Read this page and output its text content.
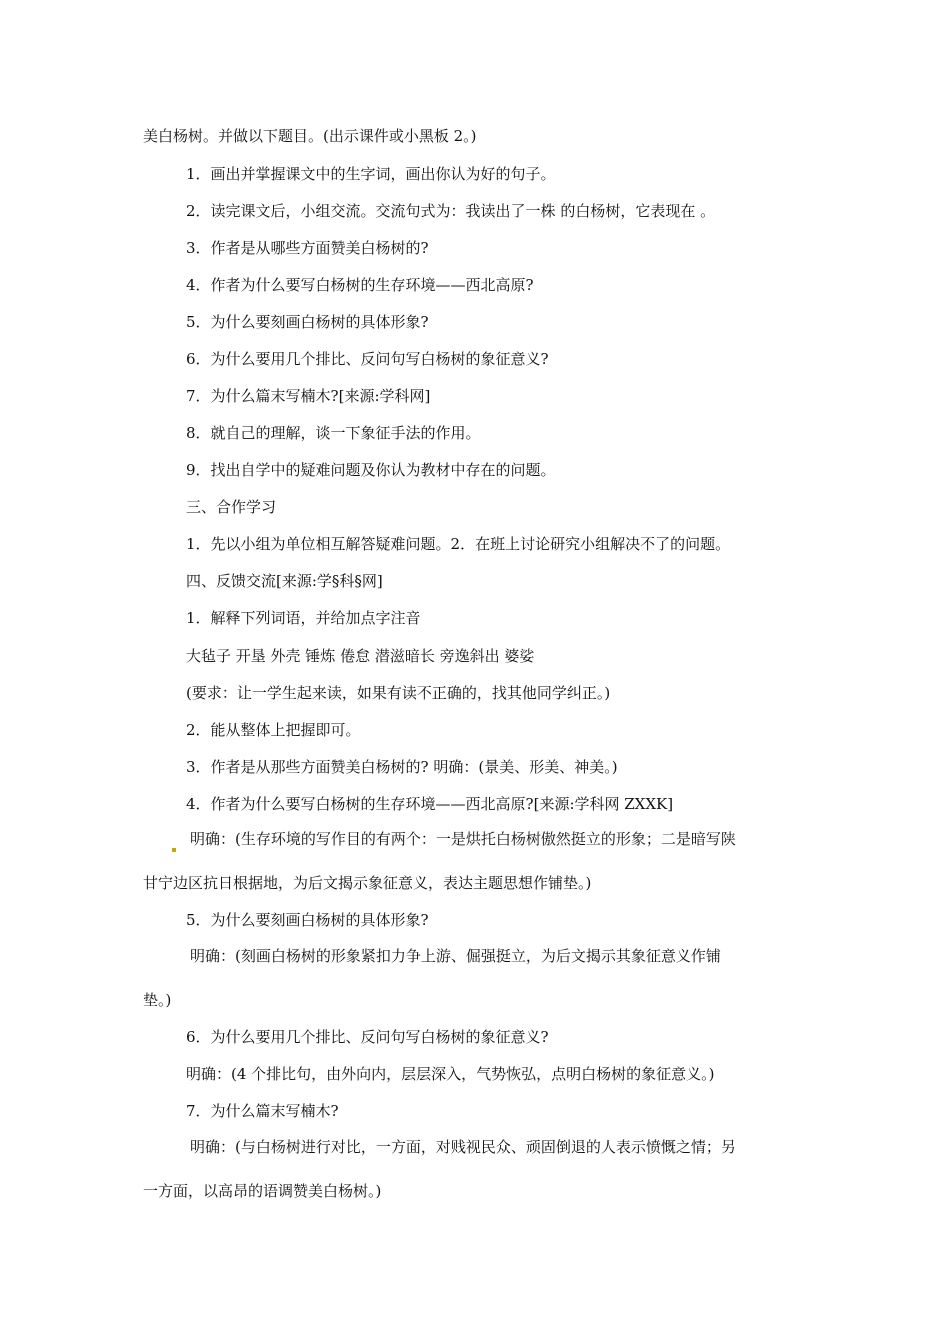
美白杨树。并做以下题目。(出示课件或小黑板 2。)
1．画出并掌握课文中的生字词，画出你认为好的句子。
2．读完课文后，小组交流。交流句式为：我读出了一株 的白杨树，它表现在 。
3．作者是从哪些方面赞美白杨树的?
4．作者为什么要写白杨树的生存环境——西北高原?
5．为什么要刻画白杨树的具体形象?
6．为什么要用几个排比、反问句写白杨树的象征意义?
7．为什么篇末写楠木?[来源:学科网]
8．就自己的理解，谈一下象征手法的作用。
9．找出自学中的疑难问题及你认为教材中存在的问题。
三、合作学习
1．先以小组为单位相互解答疑难问题。2．在班上讨论研究小组解决不了的问题。
四、反馈交流[来源:学§科§网]
1．解释下列词语，并给加点字注音
大毡子 开垦 外壳 锤炼 倦怠 潜滋暗长 旁逸斜出 婆娑
(要求：让一学生起来读，如果有读不正确的，找其他同学纠正。)
2．能从整体上把握即可。
3．作者是从那些方面赞美白杨树的? 明确：(景美、形美、神美。)
4．作者为什么要写白杨树的生存环境——西北高原?[来源:学科网 ZXXK]
明确：(生存环境的写作目的有两个：一是烘托白杨树傲然挺立的形象；二是暗写陕
甘宁边区抗日根据地，为后文揭示象征意义，表达主题思想作铺垫。)
5．为什么要刻画白杨树的具体形象?
明确：(刻画白杨树的形象紧扣力争上游、倔强挺立，为后文揭示其象征意义作铺
垫。)
6．为什么要用几个排比、反问句写白杨树的象征意义?
明确：(4 个排比句，由外向内，层层深入，气势恢弘，点明白杨树的象征意义。)
7．为什么篇末写楠木?
明确：(与白杨树进行对比，一方面，对贱视民众、顽固倒退的人表示愤慨之情；另
一方面，以高昂的语调赞美白杨树。)
